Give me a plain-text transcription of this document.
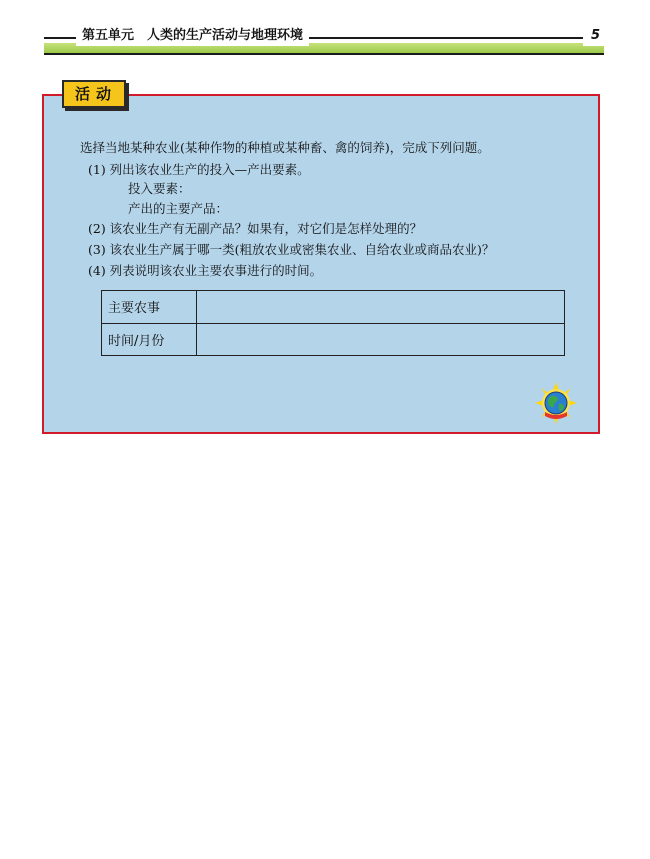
第五单元　人类的生产活动与地理环境	5
活动
选择当地某种农业(某种作物的种植或某种畜、禽的饲养)，完成下列问题。
(1) 列出该农业生产的投入—产出要素。
投入要素：
产出的主要产品：
(2) 该农业生产有无副产品？如果有，对它们是怎样处理的？
(3) 该农业生产属于哪一类(粗放农业或密集农业、自给农业或商品农业)？
(4) 列表说明该农业主要农事进行的时间。
主要农事	
时间/月份	
